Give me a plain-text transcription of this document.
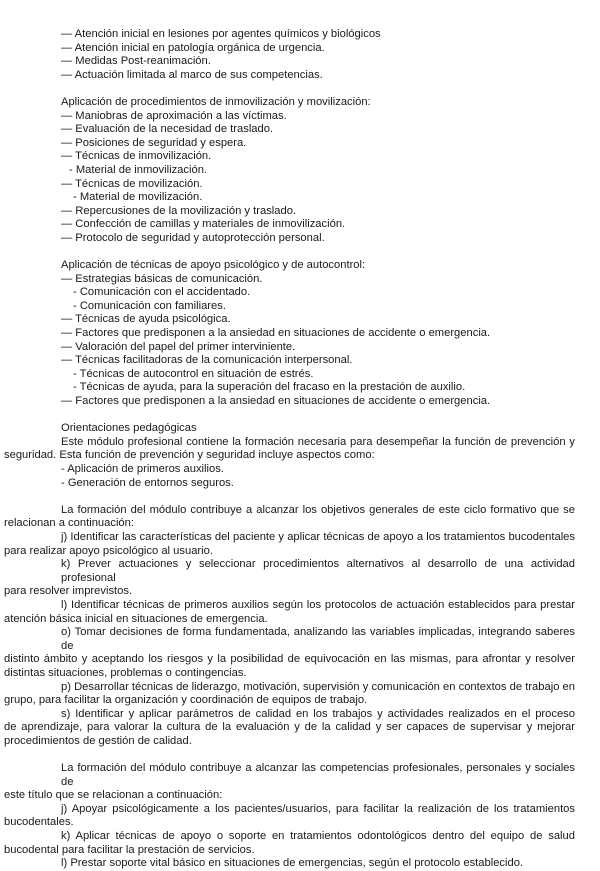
— Atención inicial en lesiones por agentes químicos y biológicos
— Atención inicial en patología orgánica de urgencia.
— Medidas Post-reanimación.
— Actuación limitada al marco de sus competencias.
Aplicación de procedimientos de inmovilización y movilización:
— Maniobras de aproximación a las víctimas.
— Evaluación de la necesidad de traslado.
— Posiciones de seguridad y espera.
— Técnicas de inmovilización.
- Material de inmovilización.
— Técnicas de movilización.
- Material de movilización.
— Repercusiones de la movilización y traslado.
— Confección de camillas y materiales de inmovilización.
— Protocolo de seguridad y autoprotección personal.
Aplicación de técnicas de apoyo psicológico y de autocontrol:
— Estrategias básicas de comunicación.
- Comunicación con el accidentado.
- Comunicación con familiares.
— Técnicas de ayuda psicológica.
— Factores que predisponen a la ansiedad en situaciones de accidente o emergencia.
— Valoración del papel del primer interviniente.
— Técnicas facilitadoras de la comunicación interpersonal.
- Técnicas de autocontrol en situación de estrés.
- Técnicas de ayuda, para la superación del fracaso en la prestación de auxilio.
— Factores que predisponen a la ansiedad en situaciones de accidente o emergencia.
Orientaciones pedagógicas
Este módulo profesional contiene la formación necesaria para desempeñar la función de prevención y
seguridad. Esta función de prevención y seguridad incluye aspectos como:
- Aplicación de primeros auxilios.
- Generación de entornos seguros.
La formación del módulo contribuye a alcanzar los objetivos generales de este ciclo formativo que se
relacionan a continuación:
j) Identificar las características del paciente y aplicar técnicas de apoyo a los tratamientos bucodentales
para realizar apoyo psicológico al usuario.
k) Prever actuaciones y seleccionar procedimientos alternativos al desarrollo de una actividad profesional
para resolver imprevistos.
l) Identificar técnicas de primeros auxilios según los protocolos de actuación establecidos para prestar
atención básica inicial en situaciones de emergencia.
o) Tomar decisiones de forma fundamentada, analizando las variables implicadas, integrando saberes de
distinto ámbito y aceptando los riesgos y la posibilidad de equivocación en las mismas, para afrontar y resolver
distintas situaciones, problemas o contingencias.
p) Desarrollar técnicas de liderazgo, motivación, supervisión y comunicación en contextos de trabajo en
grupo, para facilitar la organización y coordinación de equipos de trabajo.
s) Identificar y aplicar parámetros de calidad en los trabajos y actividades realizados en el proceso
de aprendizaje, para valorar la cultura de la evaluación y de la calidad y ser capaces de supervisar y mejorar
procedimientos de gestión de calidad.
La formación del módulo contribuye a alcanzar las competencias profesionales, personales y sociales de
este título que se relacionan a continuación:
j) Apoyar psicológicamente a los pacientes/usuarios, para facilitar la realización de los tratamientos
bucodentales.
k) Aplicar técnicas de apoyo o soporte en tratamientos odontológicos dentro del equipo de salud
bucodental para facilitar la prestación de servicios.
l) Prestar soporte vital básico en situaciones de emergencias, según el protocolo establecido.
